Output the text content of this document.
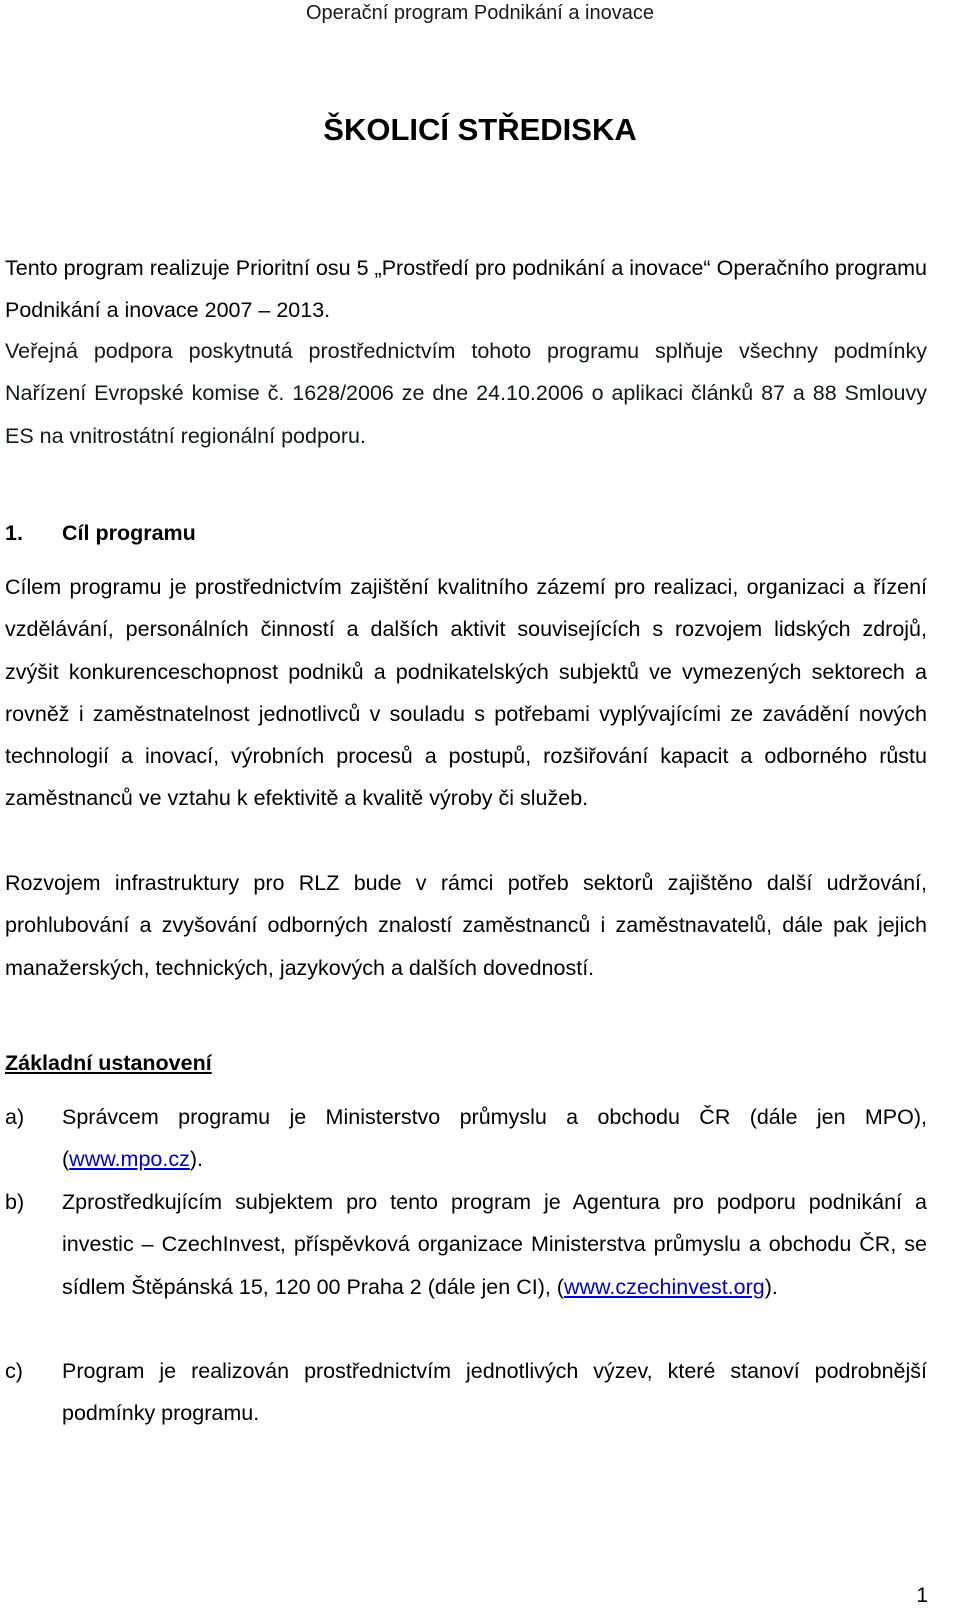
Operační program Podnikání a inovace
ŠKOLICÍ STŘEDISKA

Tento program realizuje Prioritní osu 5 „Prostředí pro podnikání a inovace“ Operačního programu Podnikání a inovace 2007 – 2013.

Veřejná podpora poskytnutá prostřednictvím tohoto programu splňuje všechny podmínky Nařízení Evropské komise č. 1628/2006 ze dne 24.10.2006 o aplikaci článků 87 a 88 Smlouvy ES na vnitrostátní regionální podporu.

1. Cíl programu

Cílem programu je prostřednictvím zajištění kvalitního zázemí pro realizaci, organizaci a řízení vzdělávání, personálních činností a dalších aktivit souvisejících s rozvojem lidských zdrojů, zvýšit konkurenceschopnost podniků a podnikatelských subjektů ve vymezených sektorech a rovněž i zaměstnatelnost jednotlivců v souladu s potřebami vyplývajícími ze zavádění nových technologií a inovací, výrobních procesů a postupů, rozšiřování kapacit a odborného růstu zaměstnanců ve vztahu k efektivitě a kvalitě výroby či služeb.

Rozvojem infrastruktury pro RLZ bude v rámci potřeb sektorů zajištěno další udržování, prohlubování a zvyšování odborných znalostí zaměstnanců i zaměstnavatelů, dále pak jejich manažerských, technických, jazykových a dalších dovedností.

Základní ustanovení
a)	Správcem programu je Ministerstvo průmyslu a obchodu ČR (dále jen MPO), (www.mpo.cz).
b)	Zprostředkujícím subjektem pro tento program je Agentura pro podporu podnikání a investic – CzechInvest, příspěvková organizace Ministerstva průmyslu a obchodu ČR, se sídlem Štěpánská 15, 120 00 Praha 2 (dále jen CI), (www.czechinvest.org).
c)	Program je realizován prostřednictvím jednotlivých výzev, které stanoví podrobnější podmínky programu.
1
